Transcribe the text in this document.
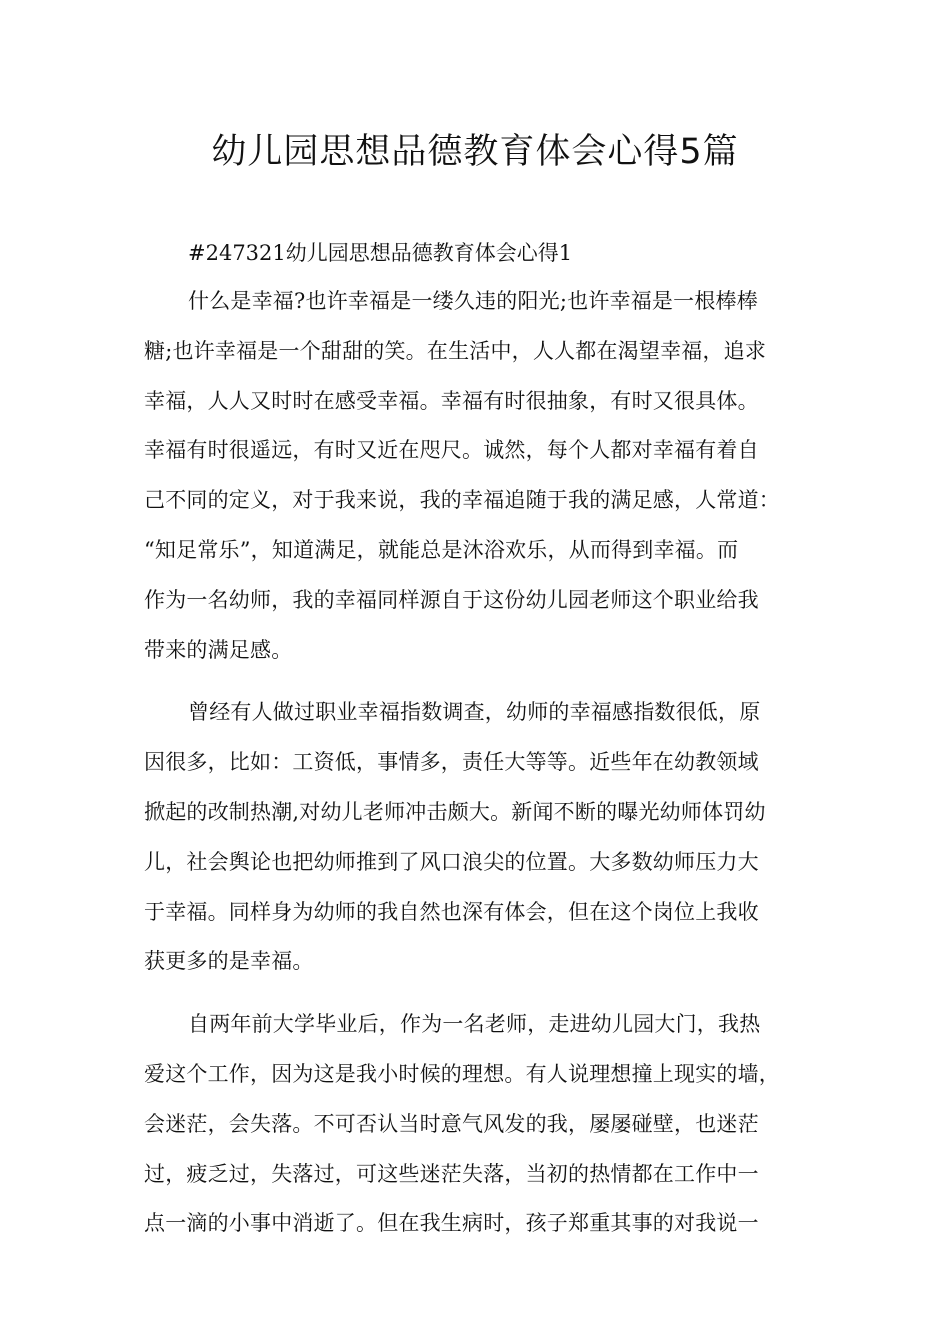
幼儿园思想品德教育体会心得5篇

#247321幼儿园思想品德教育体会心得1

什么是幸福?也许幸福是一缕久违的阳光;也许幸福是一根棒棒
糖;也许幸福是一个甜甜的笑。在生活中，人人都在渴望幸福，追求
幸福，人人又时时在感受幸福。幸福有时很抽象，有时又很具体。
幸福有时很遥远，有时又近在咫尺。诚然，每个人都对幸福有着自
己不同的定义，对于我来说，我的幸福追随于我的满足感，人常道：
“知足常乐”，知道满足，就能总是沐浴欢乐，从而得到幸福。而
作为一名幼师，我的幸福同样源自于这份幼儿园老师这个职业给我
带来的满足感。
曾经有人做过职业幸福指数调查，幼师的幸福感指数很低，原
因很多，比如：工资低，事情多，责任大等等。近些年在幼教领域
掀起的改制热潮,对幼儿老师冲击颇大。新闻不断的曝光幼师体罚幼
儿，社会舆论也把幼师推到了风口浪尖的位置。大多数幼师压力大
于幸福。同样身为幼师的我自然也深有体会，但在这个岗位上我收
获更多的是幸福。
自两年前大学毕业后，作为一名老师，走进幼儿园大门，我热
爱这个工作，因为这是我小时候的理想。有人说理想撞上现实的墙，
会迷茫，会失落。不可否认当时意气风发的我，屡屡碰壁，也迷茫
过，疲乏过，失落过，可这些迷茫失落，当初的热情都在工作中一
点一滴的小事中消逝了。但在我生病时，孩子郑重其事的对我说一
